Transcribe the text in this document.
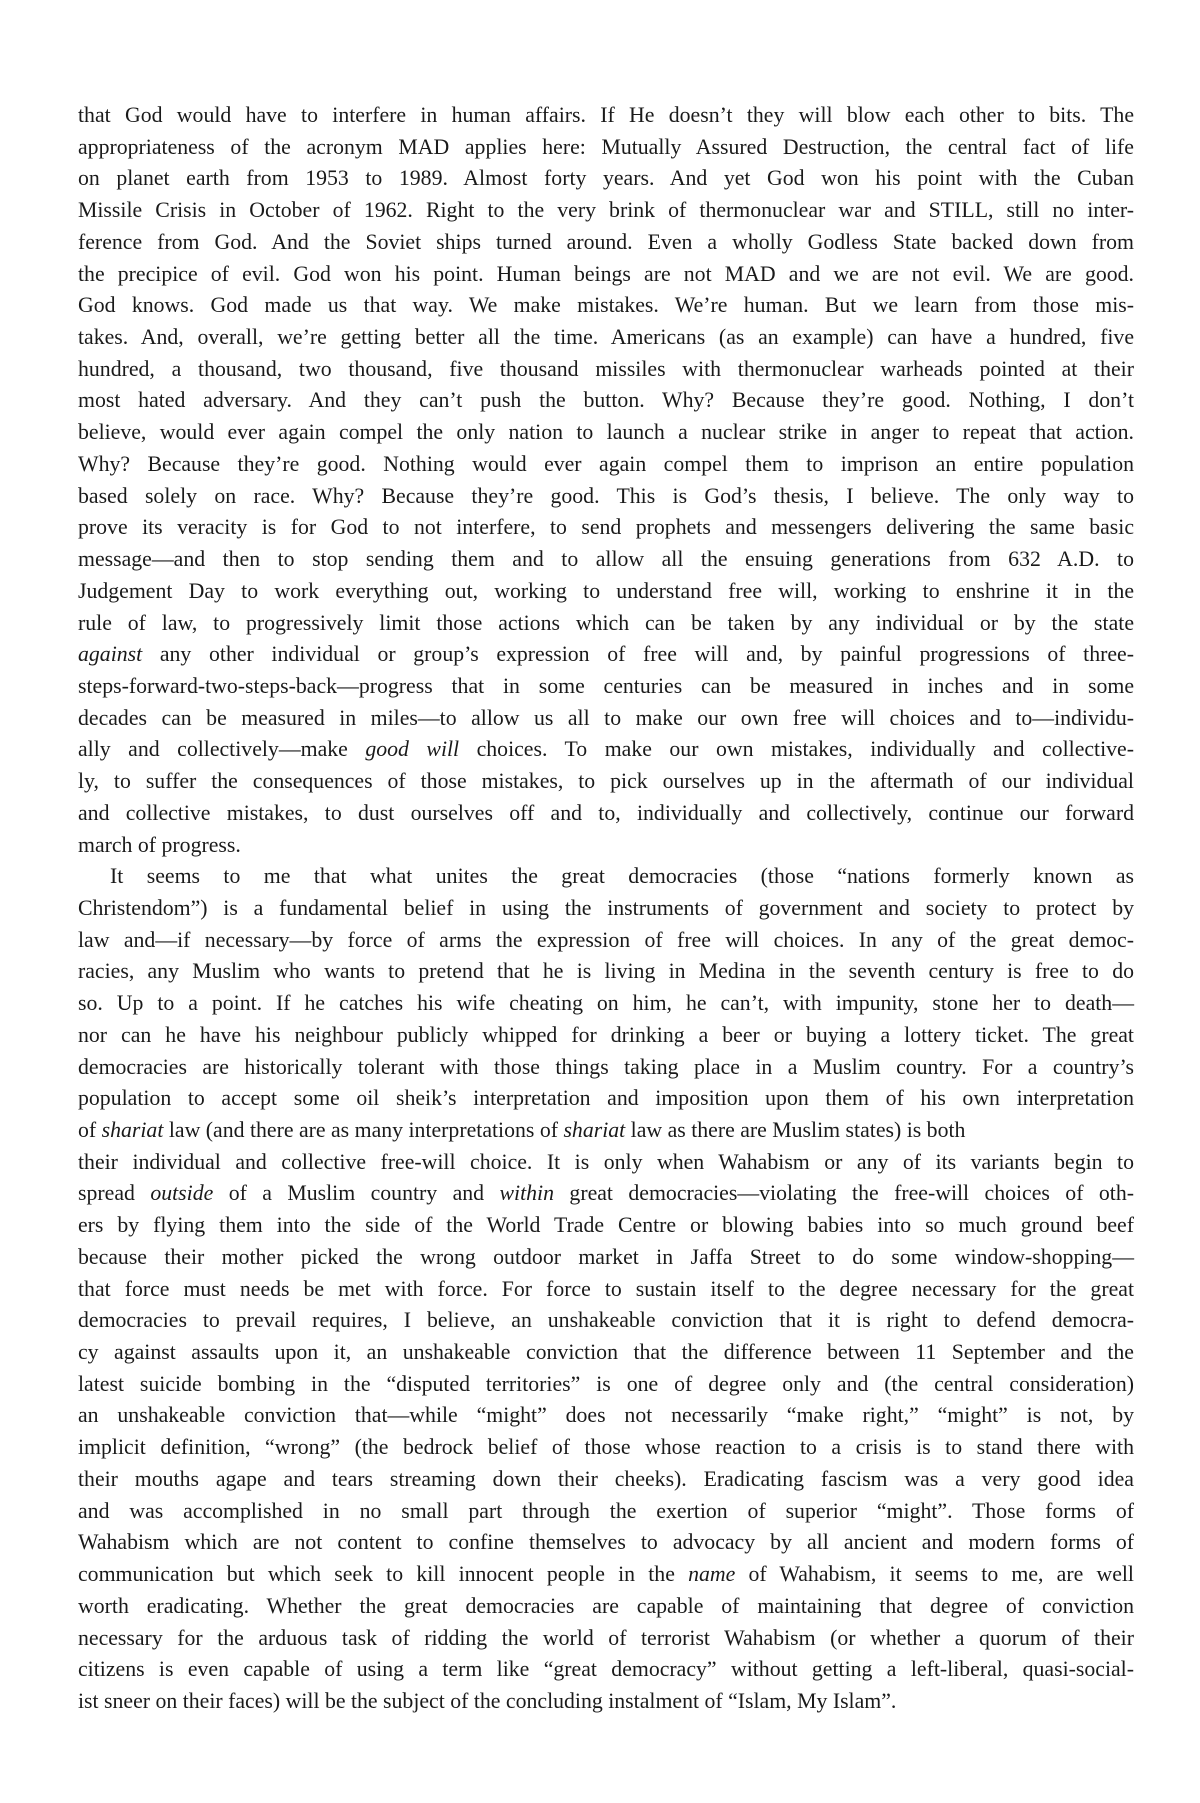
that God would have to interfere in human affairs. If He doesn’t they will blow each other to bits. The
appropriateness of the acronym MAD applies here: Mutually Assured Destruction, the central fact of life
on planet earth from 1953 to 1989. Almost forty years. And yet God won his point with the Cuban
Missile Crisis in October of 1962. Right to the very brink of thermonuclear war and STILL, still no inter-
ference from God. And the Soviet ships turned around. Even a wholly Godless State backed down from
the precipice of evil. God won his point. Human beings are not MAD and we are not evil. We are good.
God knows. God made us that way. We make mistakes. We’re human. But we learn from those mis-
takes. And, overall, we’re getting better all the time. Americans (as an example) can have a hundred, five
hundred, a thousand, two thousand, five thousand missiles with thermonuclear warheads pointed at their
most hated adversary. And they can’t push the button. Why? Because they’re good. Nothing, I don’t
believe, would ever again compel the only nation to launch a nuclear strike in anger to repeat that action.
Why? Because they’re good. Nothing would ever again compel them to imprison an entire population
based solely on race. Why? Because they’re good. This is God’s thesis, I believe. The only way to
prove its veracity is for God to not interfere, to send prophets and messengers delivering the same basic
message—and then to stop sending them and to allow all the ensuing generations from 632 A.D. to
Judgement Day to work everything out, working to understand free will, working to enshrine it in the
rule of law, to progressively limit those actions which can be taken by any individual or by the state
against any other individual or group’s expression of free will and, by painful progressions of three-
steps-forward-two-steps-back—progress that in some centuries can be measured in inches and in some
decades can be measured in miles—to allow us all to make our own free will choices and to—individu-
ally and collectively—make good will choices. To make our own mistakes, individually and collective-
ly, to suffer the consequences of those mistakes, to pick ourselves up in the aftermath of our individual
and collective mistakes, to dust ourselves off and to, individually and collectively, continue our forward
march of progress.
It seems to me that what unites the great democracies (those “nations formerly known as
Christendom”) is a fundamental belief in using the instruments of government and society to protect by
law and—if necessary—by force of arms the expression of free will choices. In any of the great democ-
racies, any Muslim who wants to pretend that he is living in Medina in the seventh century is free to do
so. Up to a point. If he catches his wife cheating on him, he can’t, with impunity, stone her to death—
nor can he have his neighbour publicly whipped for drinking a beer or buying a lottery ticket. The great
democracies are historically tolerant with those things taking place in a Muslim country. For a country’s
population to accept some oil sheik’s interpretation and imposition upon them of his own interpretation
of shariat law (and there are as many interpretations of shariat law as there are Muslim states) is both
their individual and collective free-will choice. It is only when Wahabism or any of its variants begin to
spread outside of a Muslim country and within great democracies—violating the free-will choices of oth-
ers by flying them into the side of the World Trade Centre or blowing babies into so much ground beef
because their mother picked the wrong outdoor market in Jaffa Street to do some window-shopping—
that force must needs be met with force. For force to sustain itself to the degree necessary for the great
democracies to prevail requires, I believe, an unshakeable conviction that it is right to defend democra-
cy against assaults upon it, an unshakeable conviction that the difference between 11 September and the
latest suicide bombing in the “disputed territories” is one of degree only and (the central consideration)
an unshakeable conviction that—while “might” does not necessarily “make right,” “might” is not, by
implicit definition, “wrong” (the bedrock belief of those whose reaction to a crisis is to stand there with
their mouths agape and tears streaming down their cheeks). Eradicating fascism was a very good idea
and was accomplished in no small part through the exertion of superior “might”. Those forms of
Wahabism which are not content to confine themselves to advocacy by all ancient and modern forms of
communication but which seek to kill innocent people in the name of Wahabism, it seems to me, are well
worth eradicating. Whether the great democracies are capable of maintaining that degree of conviction
necessary for the arduous task of ridding the world of terrorist Wahabism (or whether a quorum of their
citizens is even capable of using a term like “great democracy” without getting a left-liberal, quasi-social-
ist sneer on their faces) will be the subject of the concluding instalment of “Islam, My Islam”.
